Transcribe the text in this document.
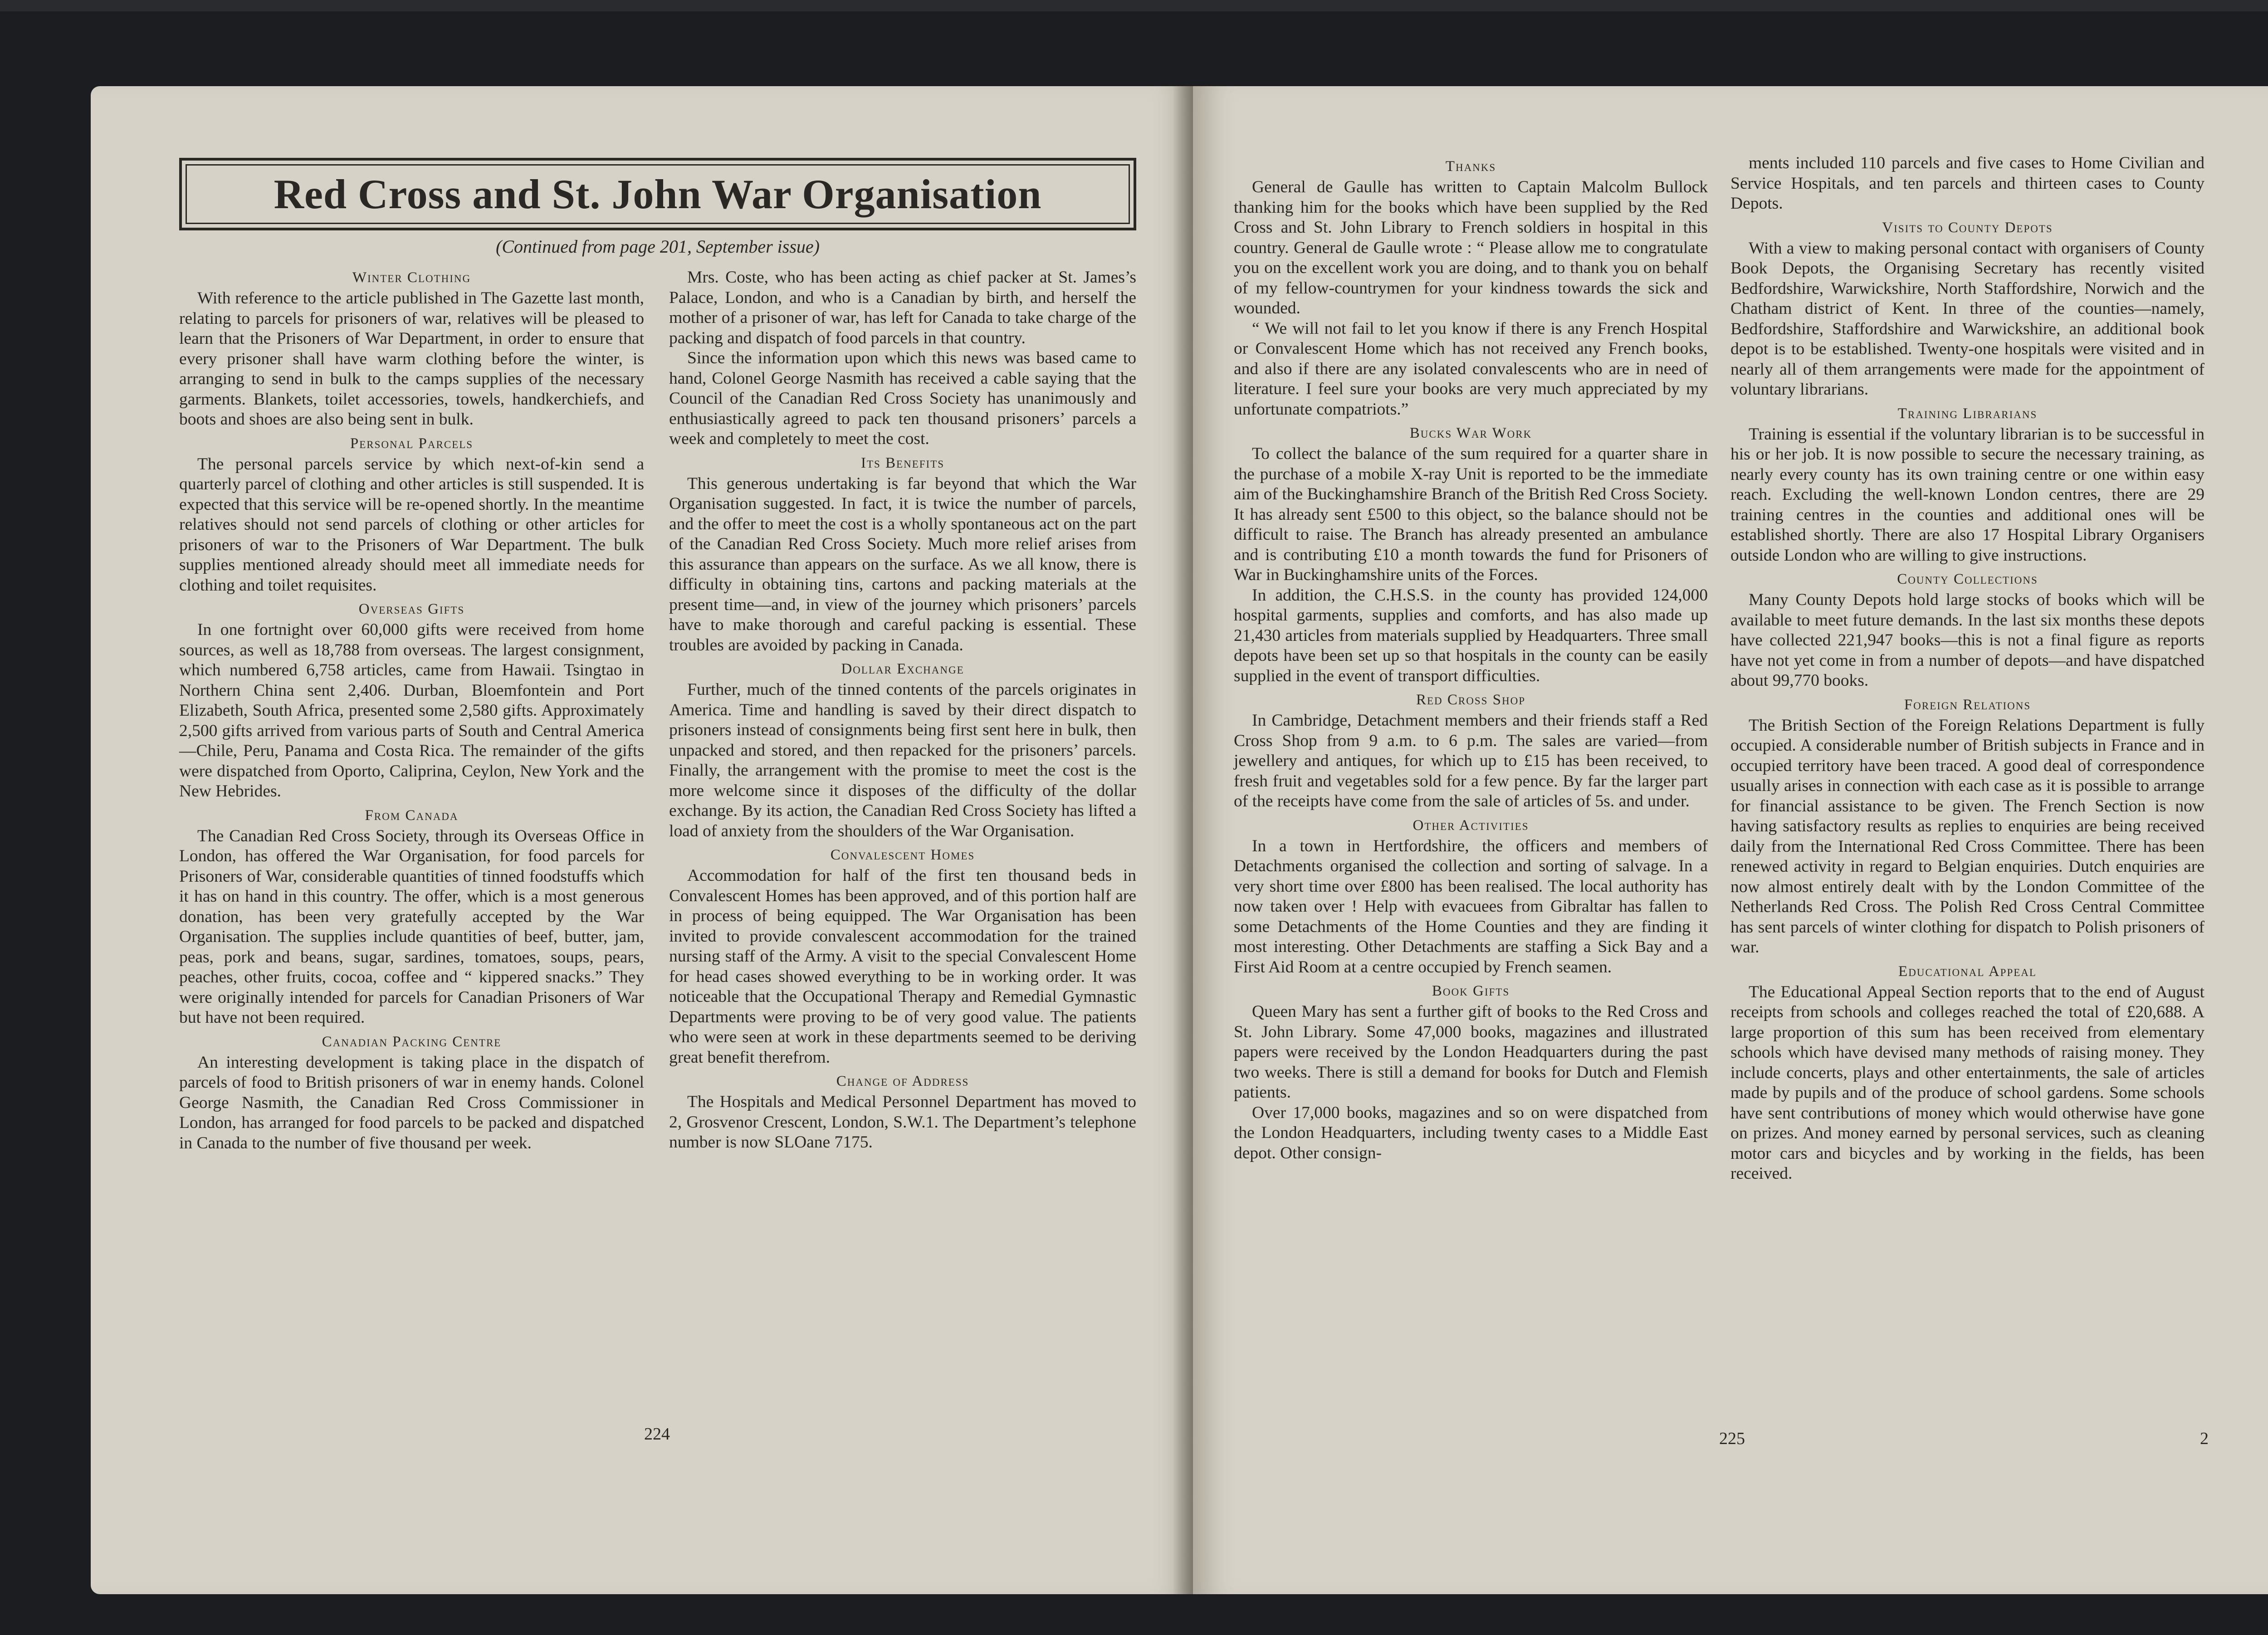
Red Cross and St. John War Organisation
(Continued from page 201, September issue)
Winter Clothing

With reference to the article published in The Gazette last month, relating to parcels for prisoners of war, relatives will be pleased to learn that the Prisoners of War Department, in order to ensure that every prisoner shall have warm clothing before the winter, is arranging to send in bulk to the camps supplies of the necessary garments. Blankets, toilet accessories, towels, handkerchiefs, and boots and shoes are also being sent in bulk.

Personal Parcels

The personal parcels service by which next-of-kin send a quarterly parcel of clothing and other articles is still suspended. It is expected that this service will be re-opened shortly. In the meantime relatives should not send parcels of clothing or other articles for prisoners of war to the Prisoners of War Department. The bulk supplies mentioned already should meet all immediate needs for clothing and toilet requisites.

Overseas Gifts

In one fortnight over 60,000 gifts were received from home sources, as well as 18,788 from overseas. The largest consignment, which numbered 6,758 articles, came from Hawaii. Tsingtao in Northern China sent 2,406. Durban, Bloemfontein and Port Elizabeth, South Africa, presented some 2,580 gifts. Approximately 2,500 gifts arrived from various parts of South and Central America—Chile, Peru, Panama and Costa Rica. The remainder of the gifts were dispatched from Oporto, Caliprina, Ceylon, New York and the New Hebrides.

From Canada

The Canadian Red Cross Society, through its Overseas Office in London, has offered the War Organisation, for food parcels for Prisoners of War, considerable quantities of tinned foodstuffs which it has on hand in this country. The offer, which is a most generous donation, has been very gratefully accepted by the War Organisation. The supplies include quantities of beef, butter, jam, peas, pork and beans, sugar, sardines, tomatoes, soups, pears, peaches, other fruits, cocoa, coffee and “ kippered snacks.” They were originally intended for parcels for Canadian Prisoners of War but have not been required.

Canadian Packing Centre

An interesting development is taking place in the dispatch of parcels of food to British prisoners of war in enemy hands. Colonel George Nasmith, the Canadian Red Cross Commissioner in London, has arranged for food parcels to be packed and dispatched in Canada to the number of five thousand per week.

Mrs. Coste, who has been acting as chief packer at St. James’s Palace, London, and who is a Canadian by birth, and herself the mother of a prisoner of war, has left for Canada to take charge of the packing and dispatch of food parcels in that country.

Since the information upon which this news was based came to hand, Colonel George Nasmith has received a cable saying that the Council of the Canadian Red Cross Society has unanimously and enthusiastically agreed to pack ten thousand prisoners’ parcels a week and completely to meet the cost.

Its Benefits

This generous undertaking is far beyond that which the War Organisation suggested. In fact, it is twice the number of parcels, and the offer to meet the cost is a wholly spontaneous act on the part of the Canadian Red Cross Society. Much more relief arises from this assurance than appears on the surface. As we all know, there is difficulty in obtaining tins, cartons and packing materials at the present time—and, in view of the journey which prisoners’ parcels have to make thorough and careful packing is essential. These troubles are avoided by packing in Canada.

Dollar Exchange

Further, much of the tinned contents of the parcels originates in America. Time and handling is saved by their direct dispatch to prisoners instead of consignments being first sent here in bulk, then unpacked and stored, and then repacked for the prisoners’ parcels. Finally, the arrangement with the promise to meet the cost is the more welcome since it disposes of the difficulty of the dollar exchange. By its action, the Canadian Red Cross Society has lifted a load of anxiety from the shoulders of the War Organisation.

Convalescent Homes

Accommodation for half of the first ten thousand beds in Convalescent Homes has been approved, and of this portion half are in process of being equipped. The War Organisation has been invited to provide convalescent accommodation for the trained nursing staff of the Army. A visit to the special Convalescent Home for head cases showed everything to be in working order. It was noticeable that the Occupational Therapy and Remedial Gymnastic Departments were proving to be of very good value. The patients who were seen at work in these departments seemed to be deriving great benefit therefrom.

Change of Address

The Hospitals and Medical Personnel Department has moved to 2, Grosvenor Crescent, London, S.W.1. The Department’s telephone number is now SLOane 7175.

224
Thanks

General de Gaulle has written to Captain Malcolm Bullock thanking him for the books which have been supplied by the Red Cross and St. John Library to French soldiers in hospital in this country. General de Gaulle wrote : “ Please allow me to congratulate you on the excellent work you are doing, and to thank you on behalf of my fellow-countrymen for your kindness towards the sick and wounded.

“ We will not fail to let you know if there is any French Hospital or Convalescent Home which has not received any French books, and also if there are any isolated convalescents who are in need of literature. I feel sure your books are very much appreciated by my unfortunate compatriots.”

Bucks War Work

To collect the balance of the sum required for a quarter share in the purchase of a mobile X-ray Unit is reported to be the immediate aim of the Buckinghamshire Branch of the British Red Cross Society. It has already sent £500 to this object, so the balance should not be difficult to raise. The Branch has already presented an ambulance and is contributing £10 a month towards the fund for Prisoners of War in Buckinghamshire units of the Forces.

In addition, the C.H.S.S. in the county has provided 124,000 hospital garments, supplies and comforts, and has also made up 21,430 articles from materials supplied by Headquarters. Three small depots have been set up so that hospitals in the county can be easily supplied in the event of transport difficulties.

Red Cross Shop

In Cambridge, Detachment members and their friends staff a Red Cross Shop from 9 a.m. to 6 p.m. The sales are varied—from jewellery and antiques, for which up to £15 has been received, to fresh fruit and vegetables sold for a few pence. By far the larger part of the receipts have come from the sale of articles of 5s. and under.

Other Activities

In a town in Hertfordshire, the officers and members of Detachments organised the collection and sorting of salvage. In a very short time over £800 has been realised. The local authority has now taken over ! Help with evacuees from Gibraltar has fallen to some Detachments of the Home Counties and they are finding it most interesting. Other Detachments are staffing a Sick Bay and a First Aid Room at a centre occupied by French seamen.

Book Gifts

Queen Mary has sent a further gift of books to the Red Cross and St. John Library. Some 47,000 books, magazines and illustrated papers were received by the London Headquarters during the past two weeks. There is still a demand for books for Dutch and Flemish patients.

Over 17,000 books, magazines and so on were dispatched from the London Headquarters, including twenty cases to a Middle East depot. Other consign-

ments included 110 parcels and five cases to Home Civilian and Service Hospitals, and ten parcels and thirteen cases to County Depots.

Visits to County Depots

With a view to making personal contact with organisers of County Book Depots, the Organising Secretary has recently visited Bedfordshire, Warwickshire, North Staffordshire, Norwich and the Chatham district of Kent. In three of the counties—namely, Bedfordshire, Staffordshire and Warwickshire, an additional book depot is to be established. Twenty-one hospitals were visited and in nearly all of them arrangements were made for the appointment of voluntary librarians.

Training Librarians

Training is essential if the voluntary librarian is to be successful in his or her job. It is now possible to secure the necessary training, as nearly every county has its own training centre or one within easy reach. Excluding the well-known London centres, there are 29 training centres in the counties and additional ones will be established shortly. There are also 17 Hospital Library Organisers outside London who are willing to give instructions.

County Collections

Many County Depots hold large stocks of books which will be available to meet future demands. In the last six months these depots have collected 221,947 books—this is not a final figure as reports have not yet come in from a number of depots—and have dispatched about 99,770 books.

Foreign Relations

The British Section of the Foreign Relations Department is fully occupied. A considerable number of British subjects in France and in occupied territory have been traced. A good deal of correspondence usually arises in connection with each case as it is possible to arrange for financial assistance to be given. The French Section is now having satisfactory results as replies to enquiries are being received daily from the International Red Cross Committee. There has been renewed activity in regard to Belgian enquiries. Dutch enquiries are now almost entirely dealt with by the London Committee of the Netherlands Red Cross. The Polish Red Cross Central Committee has sent parcels of winter clothing for dispatch to Polish prisoners of war.

Educational Appeal

The Educational Appeal Section reports that to the end of August receipts from schools and colleges reached the total of £20,688. A large proportion of this sum has been received from elementary schools which have devised many methods of raising money. They include concerts, plays and other entertainments, the sale of articles made by pupils and of the produce of school gardens. Some schools have sent contributions of money which would otherwise have gone on prizes. And money earned by personal services, such as cleaning motor cars and bicycles and by working in the fields, has been received.

225	2
